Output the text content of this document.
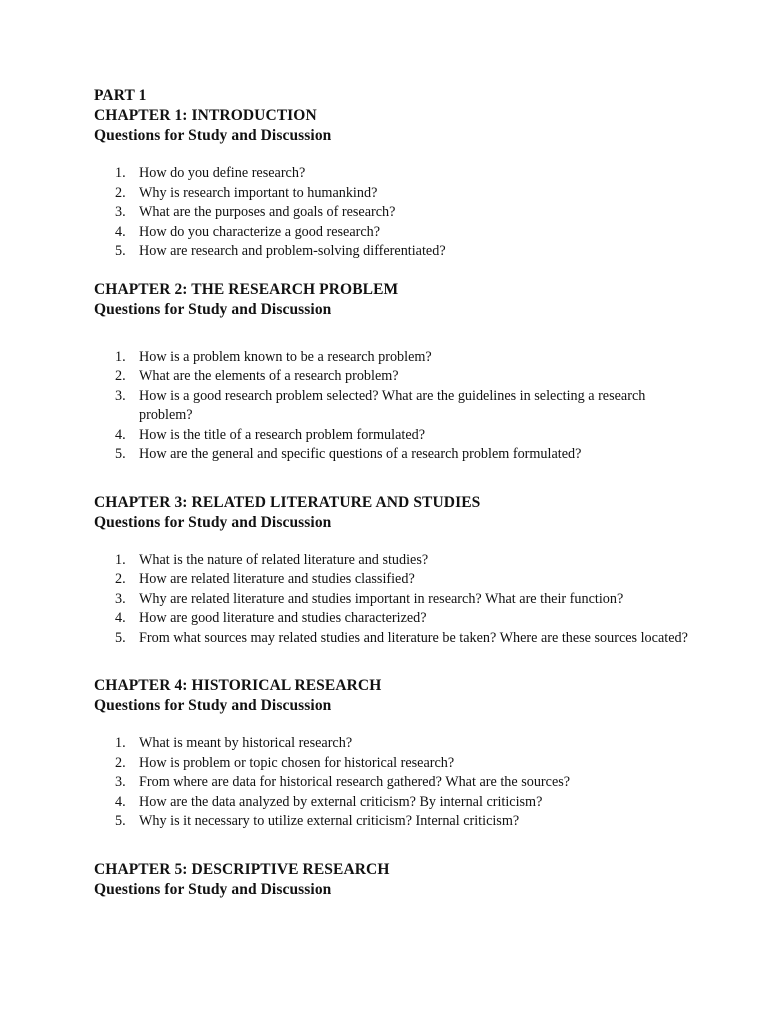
PART 1

CHAPTER 1: INTRODUCTION

Questions for Study and Discussion

1. How do you define research?
2. Why is research important to humankind?
3. What are the purposes and goals of research?
4. How do you characterize a good research?
5. How are research and problem-solving differentiated?

CHAPTER 2: THE RESEARCH PROBLEM

Questions for Study and Discussion

1. How is a problem known to be a research problem?
2. What are the elements of a research problem?
3. How is a good research problem selected? What are the guidelines in selecting a research problem?
4. How is the title of a research problem formulated?
5. How are the general and specific questions of a research problem formulated?

CHAPTER 3: RELATED LITERATURE AND STUDIES

Questions for Study and Discussion

1. What is the nature of related literature and studies?
2. How are related literature and studies classified?
3. Why are related literature and studies important in research? What are their function?
4. How are good literature and studies characterized?
5. From what sources may related studies and literature be taken? Where are these sources located?

CHAPTER 4: HISTORICAL RESEARCH

Questions for Study and Discussion

1. What is meant by historical research?
2. How is problem or topic chosen for historical research?
3. From where are data for historical research gathered? What are the sources?
4. How are the data analyzed by external criticism? By internal criticism?
5. Why is it necessary to utilize external criticism? Internal criticism?

CHAPTER 5: DESCRIPTIVE RESEARCH

Questions for Study and Discussion
